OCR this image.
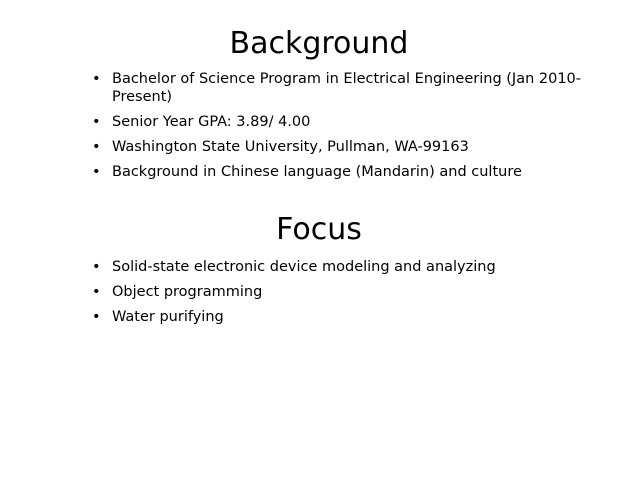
Background
• Bachelor of Science Program in Electrical Engineering (Jan 2010-Present)
• Senior Year GPA: 3.89/ 4.00
• Washington State University, Pullman, WA-99163
• Background in Chinese language (Mandarin) and culture
Focus
• Solid-state electronic device modeling and analyzing
• Object programming
• Water purifying
